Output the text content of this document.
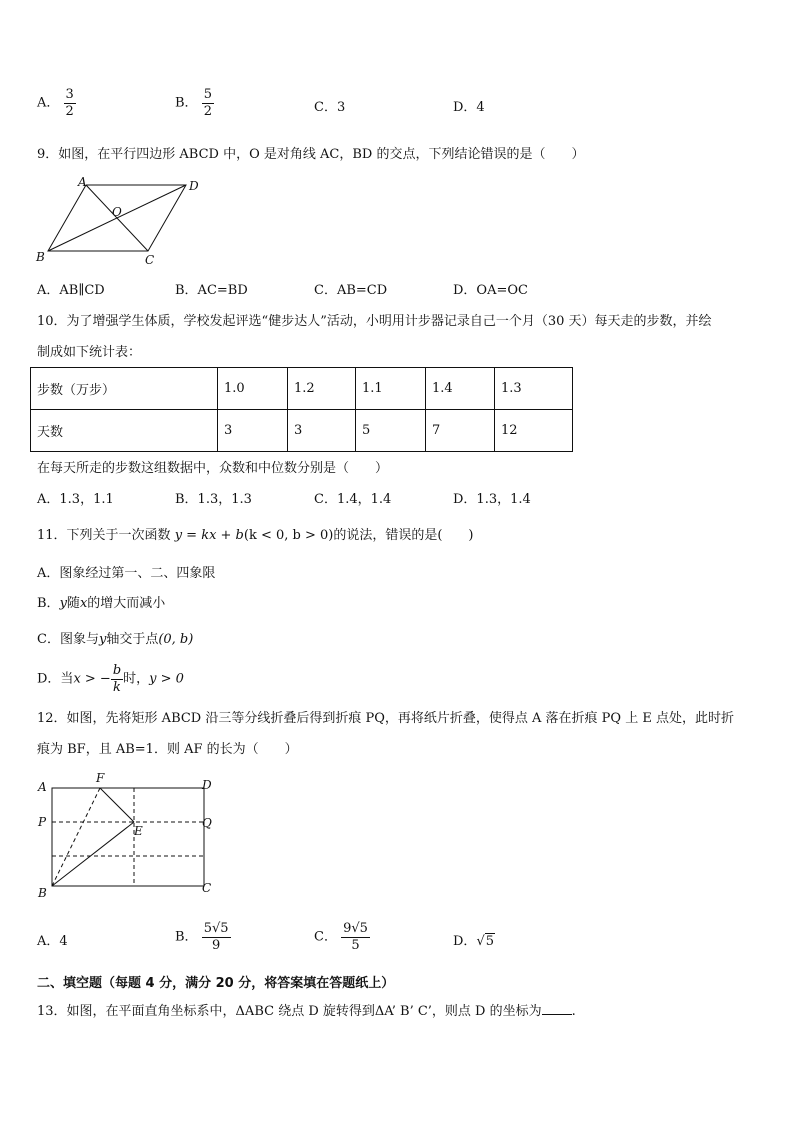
A． $\frac{3}{2}$	B． $\frac{5}{2}$	C．3	D．4
9．如图，在平行四边形 ABCD 中，O 是对角线 AC，BD 的交点，下列结论错误的是（　　）
A	D
B	C
O
A．AB∥CD	B．AC=BD	C．AB=CD	D．OA=OC
10．为了增强学生体质，学校发起评选“健步达人”活动，小明用计步器记录自己一个月（30 天）每天走的步数，并绘
制成如下统计表：
步数（万步）	1.0	1.2	1.1	1.4	1.3
天数	3	3	5	7	12
在每天所走的步数这组数据中，众数和中位数分别是（　　）
A．1.3，1.1	B．1.3，1.3	C．1.4，1.4	D．1.3，1.4
11．下列关于一次函数 y = kx + b(k < 0, b > 0)的说法，错误的是(　　)
A．图象经过第一、二、四象限
B．y随x的增大而减小
C．图象与y轴交于点(0, b)
D．当x > − $\frac{b}{k}$ 时，y > 0
12．如图，先将矩形 ABCD 沿三等分线折叠后得到折痕 PQ，再将纸片折叠，使得点 A 落在折痕 PQ 上 E 点处，此时折
痕为 BF，且 AB=1．则 AF 的长为（　　）
A	D
P	Q
E
F
B	C
A．4	B． $\frac{5√5}{9}$	C． $\frac{9√5}{5}$	D．√5
二、填空题（每题 4 分，满分 20 分，将答案填在答题纸上）
13．如图，在平面直角坐标系中，ΔABC 绕点 D 旋转得到ΔA’ B’ C’，则点 D 的坐标为 .
